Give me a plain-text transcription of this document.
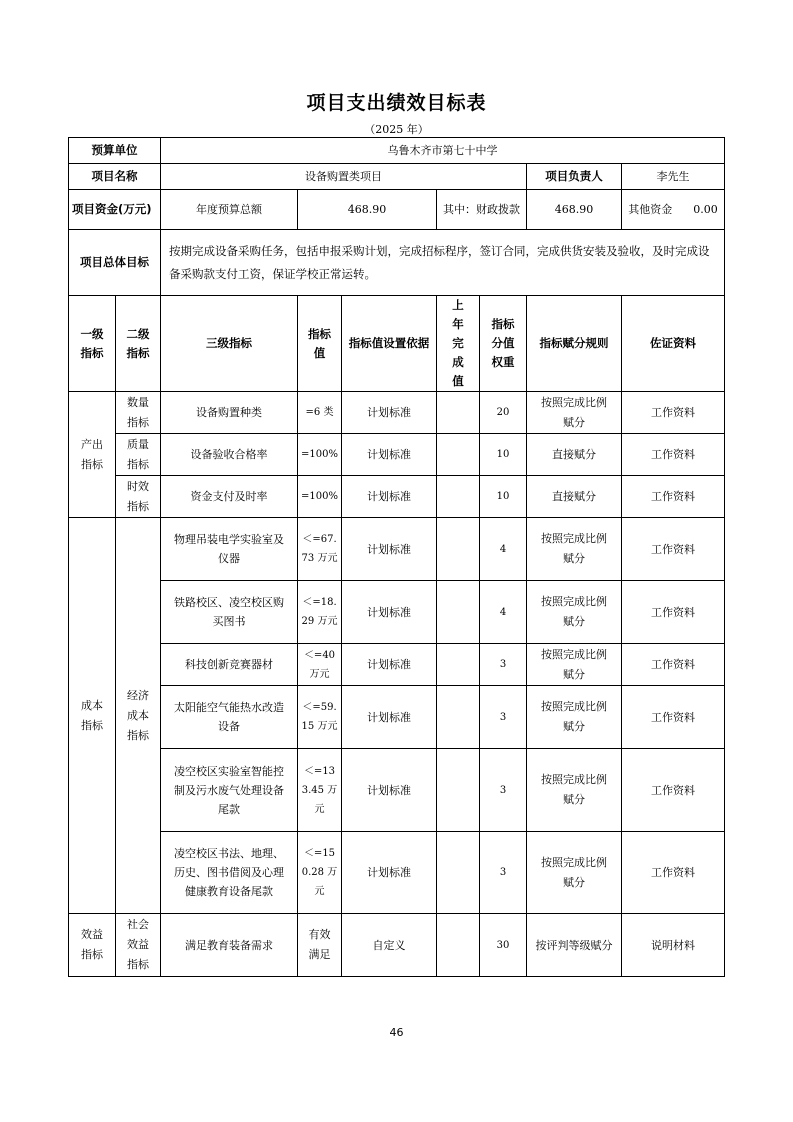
项目支出绩效目标表
（2025 年）
预算单位		乌鲁木齐市第七十中学						
项目名称		设备购置类项目					项目负责人	李先生
项目资金(万元)		年度预算总额	468.90		其中：财政拨款		468.90	其他资金 0.00
项目总体目标		按期完成设备采购任务，包括申报采购计划，完成招标程序，签订合同，完成供货安装及验收，及时完成设备采购款支付工资，保证学校正常运转。						
一级指标	二级指标	三级指标	指标值	指标值设置依据	上年完成值	指标分值权重	指标赋分规则	佐证资料
产出指标	数量指标	设备购置种类	=6 类	计划标准		20	按照完成比例赋分	工作资料
	质量指标	设备验收合格率	=100%	计划标准		10	直接赋分	工作资料
	时效指标	资金支付及时率	=100%	计划标准		10	直接赋分	工作资料
成本指标	经济成本指标	物理吊装电学实验室及仪器	＜=67.73 万元	计划标准		4	按照完成比例赋分	工作资料
		铁路校区、凌空校区购买图书	＜=18.29 万元	计划标准		4	按照完成比例赋分	工作资料
		科技创新竞赛器材	＜=40 万元	计划标准		3	按照完成比例赋分	工作资料
		太阳能空气能热水改造设备	＜=59.15 万元	计划标准		3	按照完成比例赋分	工作资料
		凌空校区实验室智能控制及污水废气处理设备尾款	＜=133.45 万元	计划标准		3	按照完成比例赋分	工作资料
		凌空校区书法、地理、历史、图书借阅及心理健康教育设备尾款	＜=150.28 万元	计划标准		3	按照完成比例赋分	工作资料
效益指标	社会效益指标	满足教育装备需求	有效满足	自定义		30	按评判等级赋分	说明材料
46
